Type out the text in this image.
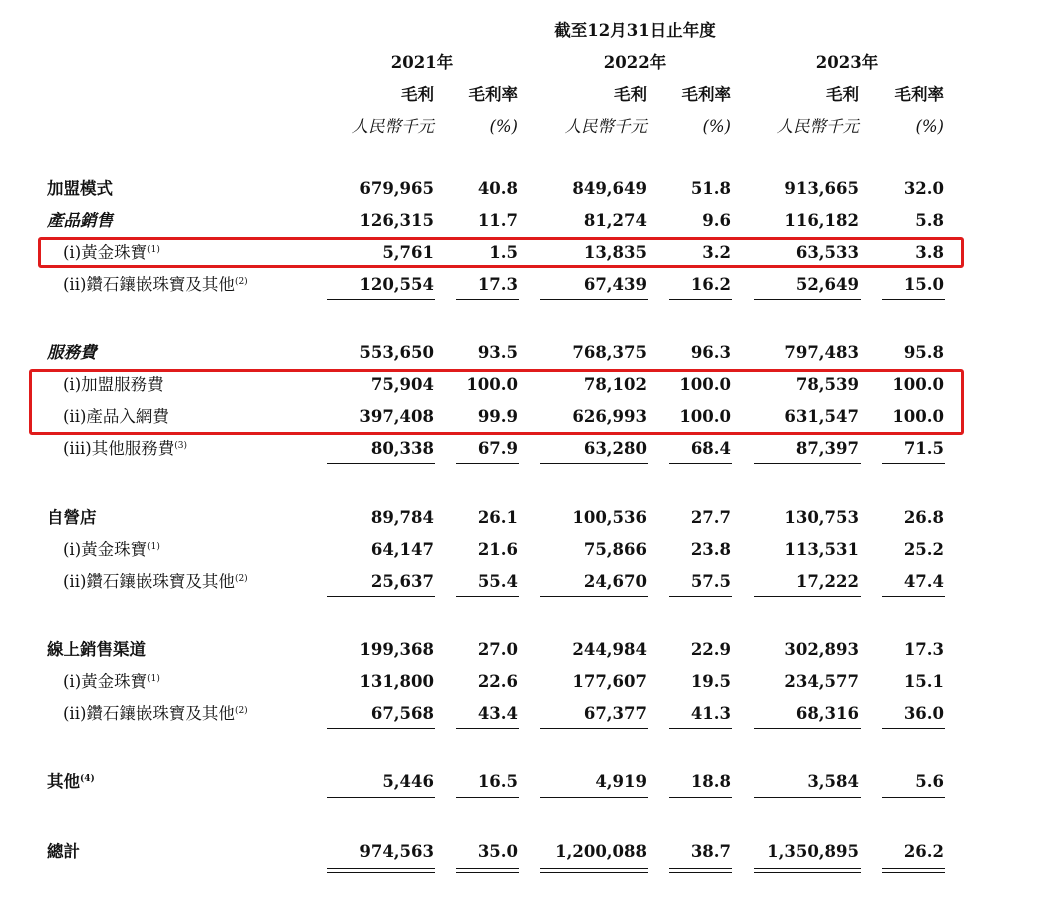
截至12月31日止年度
2021年	2022年	2023年
毛利 毛利率	毛利 毛利率	毛利 毛利率
人民幣千元	(%)	人民幣千元	(%)	人民幣千元	(%)
加盟模式	679,965	40.8	849,649	51.8	913,665	32.0
產品銷售	126,315	11.7	81,274	9.6	116,182	5.8
(i)黃金珠寶$^{(1)}$	5,761	1.5	13,835	3.2	63,533	3.8
(ii)鑽石鑲嵌珠寶及其他$^{(2)}$	120,554	17.3	67,439	16.2	52,649	15.0
服務費	553,650	93.5	768,375	96.3	797,483	95.8
(i)加盟服務費	75,904 100.0	78,102 100.0	78,539 100.0
(ii)產品入網費	397,408	99.9	626,993 100.0	631,547 100.0
(iii)其他服務費$^{(3)}$	80,338	67.9	63,280	68.4	87,397	71.5
自營店	89,784	26.1	100,536	27.7	130,753	26.8
(i)黃金珠寶$^{(1)}$	64,147	21.6	75,866	23.8	113,531	25.2
(ii)鑽石鑲嵌珠寶及其他$^{(2)}$	25,637	55.4	24,670	57.5	17,222	47.4
線上銷售渠道	199,368	27.0	244,984	22.9	302,893	17.3
(i)黃金珠寶$^{(1)}$	131,800	22.6	177,607	19.5	234,577	15.1
(ii)鑽石鑲嵌珠寶及其他$^{(2)}$	67,568	43.4	67,377	41.3	68,316	36.0
其他$^{(4)}$	5,446	16.5	4,919	18.8	3,584	5.6
總計	974,563	35.0 1,200,088	38.7 1,350,895	26.2
